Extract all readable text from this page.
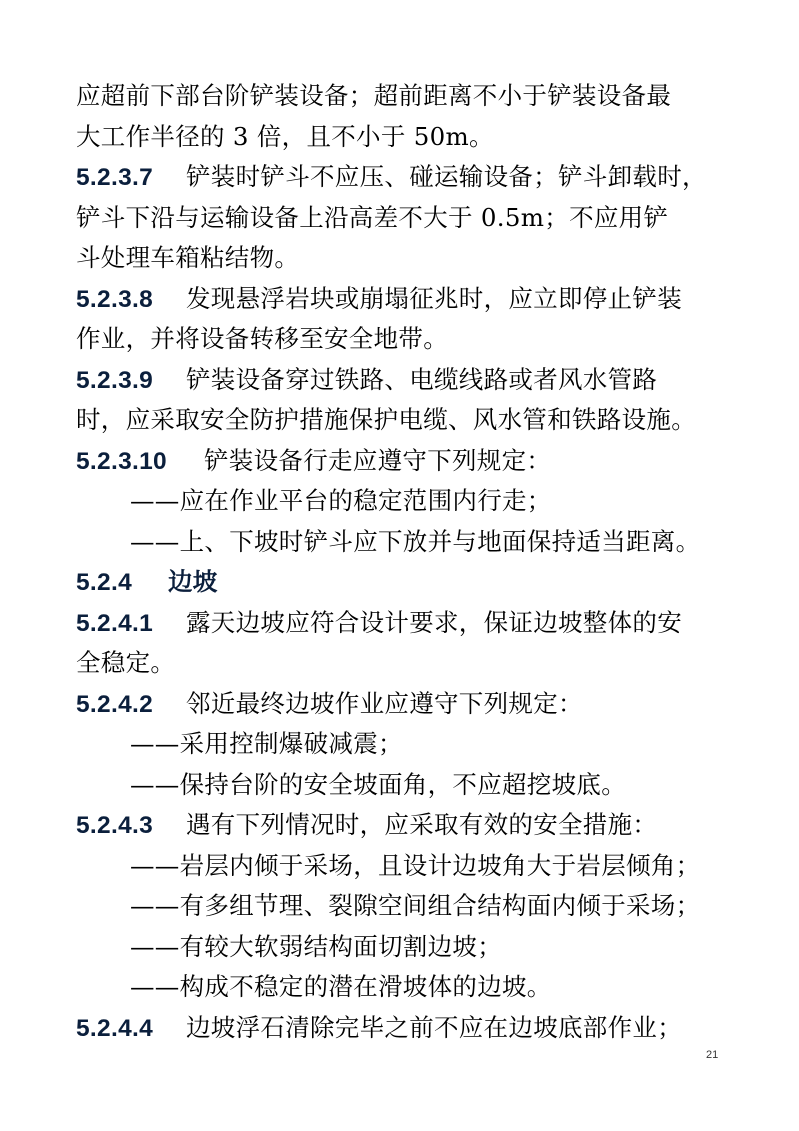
应超前下部台阶铲装设备；超前距离不小于铲装设备最
大工作半径的 3 倍，且不小于 50m。
5.2.3.7 铲装时铲斗不应压、碰运输设备；铲斗卸载时，
铲斗下沿与运输设备上沿高差不大于 0.5m；不应用铲
斗处理车箱粘结物。
5.2.3.8 发现悬浮岩块或崩塌征兆时，应立即停止铲装
作业，并将设备转移至安全地带。
5.2.3.9 铲装设备穿过铁路、电缆线路或者风水管路
时，应采取安全防护措施保护电缆、风水管和铁路设施。
5.2.3.10 铲装设备行走应遵守下列规定：
——应在作业平台的稳定范围内行走；
——上、下坡时铲斗应下放并与地面保持适当距离。
5.2.4 边坡
5.2.4.1 露天边坡应符合设计要求，保证边坡整体的安
全稳定。
5.2.4.2 邻近最终边坡作业应遵守下列规定：
——采用控制爆破减震；
——保持台阶的安全坡面角，不应超挖坡底。
5.2.4.3 遇有下列情况时，应采取有效的安全措施：
——岩层内倾于采场，且设计边坡角大于岩层倾角；
——有多组节理、裂隙空间组合结构面内倾于采场；
——有较大软弱结构面切割边坡；
——构成不稳定的潜在滑坡体的边坡。
5.2.4.4 边坡浮石清除完毕之前不应在边坡底部作业；
21
